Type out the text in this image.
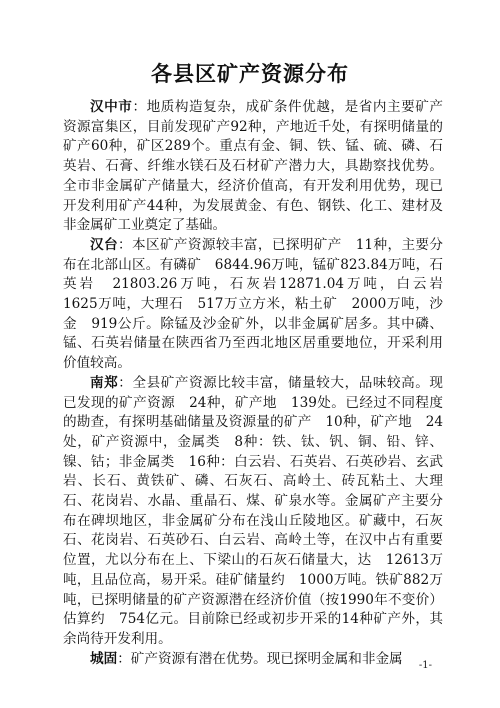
各县区矿产资源分布

汉中市：地质构造复杂，成矿条件优越，是省内主要矿产资源富集区，目前发现矿产92种，产地近千处，有探明储量的矿产60种，矿区289个。重点有金、铜、铁、锰、硫、磷、石英岩、石膏、纤维水镁石及石材矿产潜力大，具勘察找优势。全市非金属矿产储量大，经济价值高，有开发利用优势，现已开发利用矿产44种，为发展黄金、有色、钢铁、化工、建材及非金属矿工业奠定了基础。

汉台：本区矿产资源较丰富，已探明矿产　11种，主要分布在北部山区。有磷矿　6844.96万吨，锰矿823.84万吨，石英岩　21803.26万吨，石灰岩12871.04万吨，白云岩　1625万吨，大理石　517万立方米，粘土矿　2000万吨，沙金　919公斤。除锰及沙金矿外，以非金属矿居多。其中磷、锰、石英岩储量在陕西省乃至西北地区居重要地位，开采利用价值较高。

南郑：全县矿产资源比较丰富，储量较大，品味较高。现已发现的矿产资源　24种，矿产地　139处。已经过不同程度的勘查，有探明基础储量及资源量的矿产　10种，矿产地　24处，矿产资源中，金属类　8种：铁、钛、钒、铜、铅、锌、镍、钴；非金属类　16种：白云岩、石英岩、石英砂岩、玄武岩、长石、黄铁矿、磷、石灰石、高岭土、砖瓦粘土、大理石、花岗岩、水晶、重晶石、煤、矿泉水等。金属矿产主要分布在碑坝地区，非金属矿分布在浅山丘陵地区。矿藏中，石灰石、花岗岩、石英砂石、白云岩、高岭土等，在汉中占有重要位置，尤以分布在上、下梁山的石灰石储量大，达　12613万吨，且品位高，易开采。硅矿储量约　1000万吨。铁矿882万吨，已探明储量的矿产资源潜在经济价值（按1990年不变价）估算约　754亿元。目前除已经或初步开采的14种矿产外，其余尚待开发利用。

城固：矿产资源有潜在优势。现已探明金属和非金属	-1-
